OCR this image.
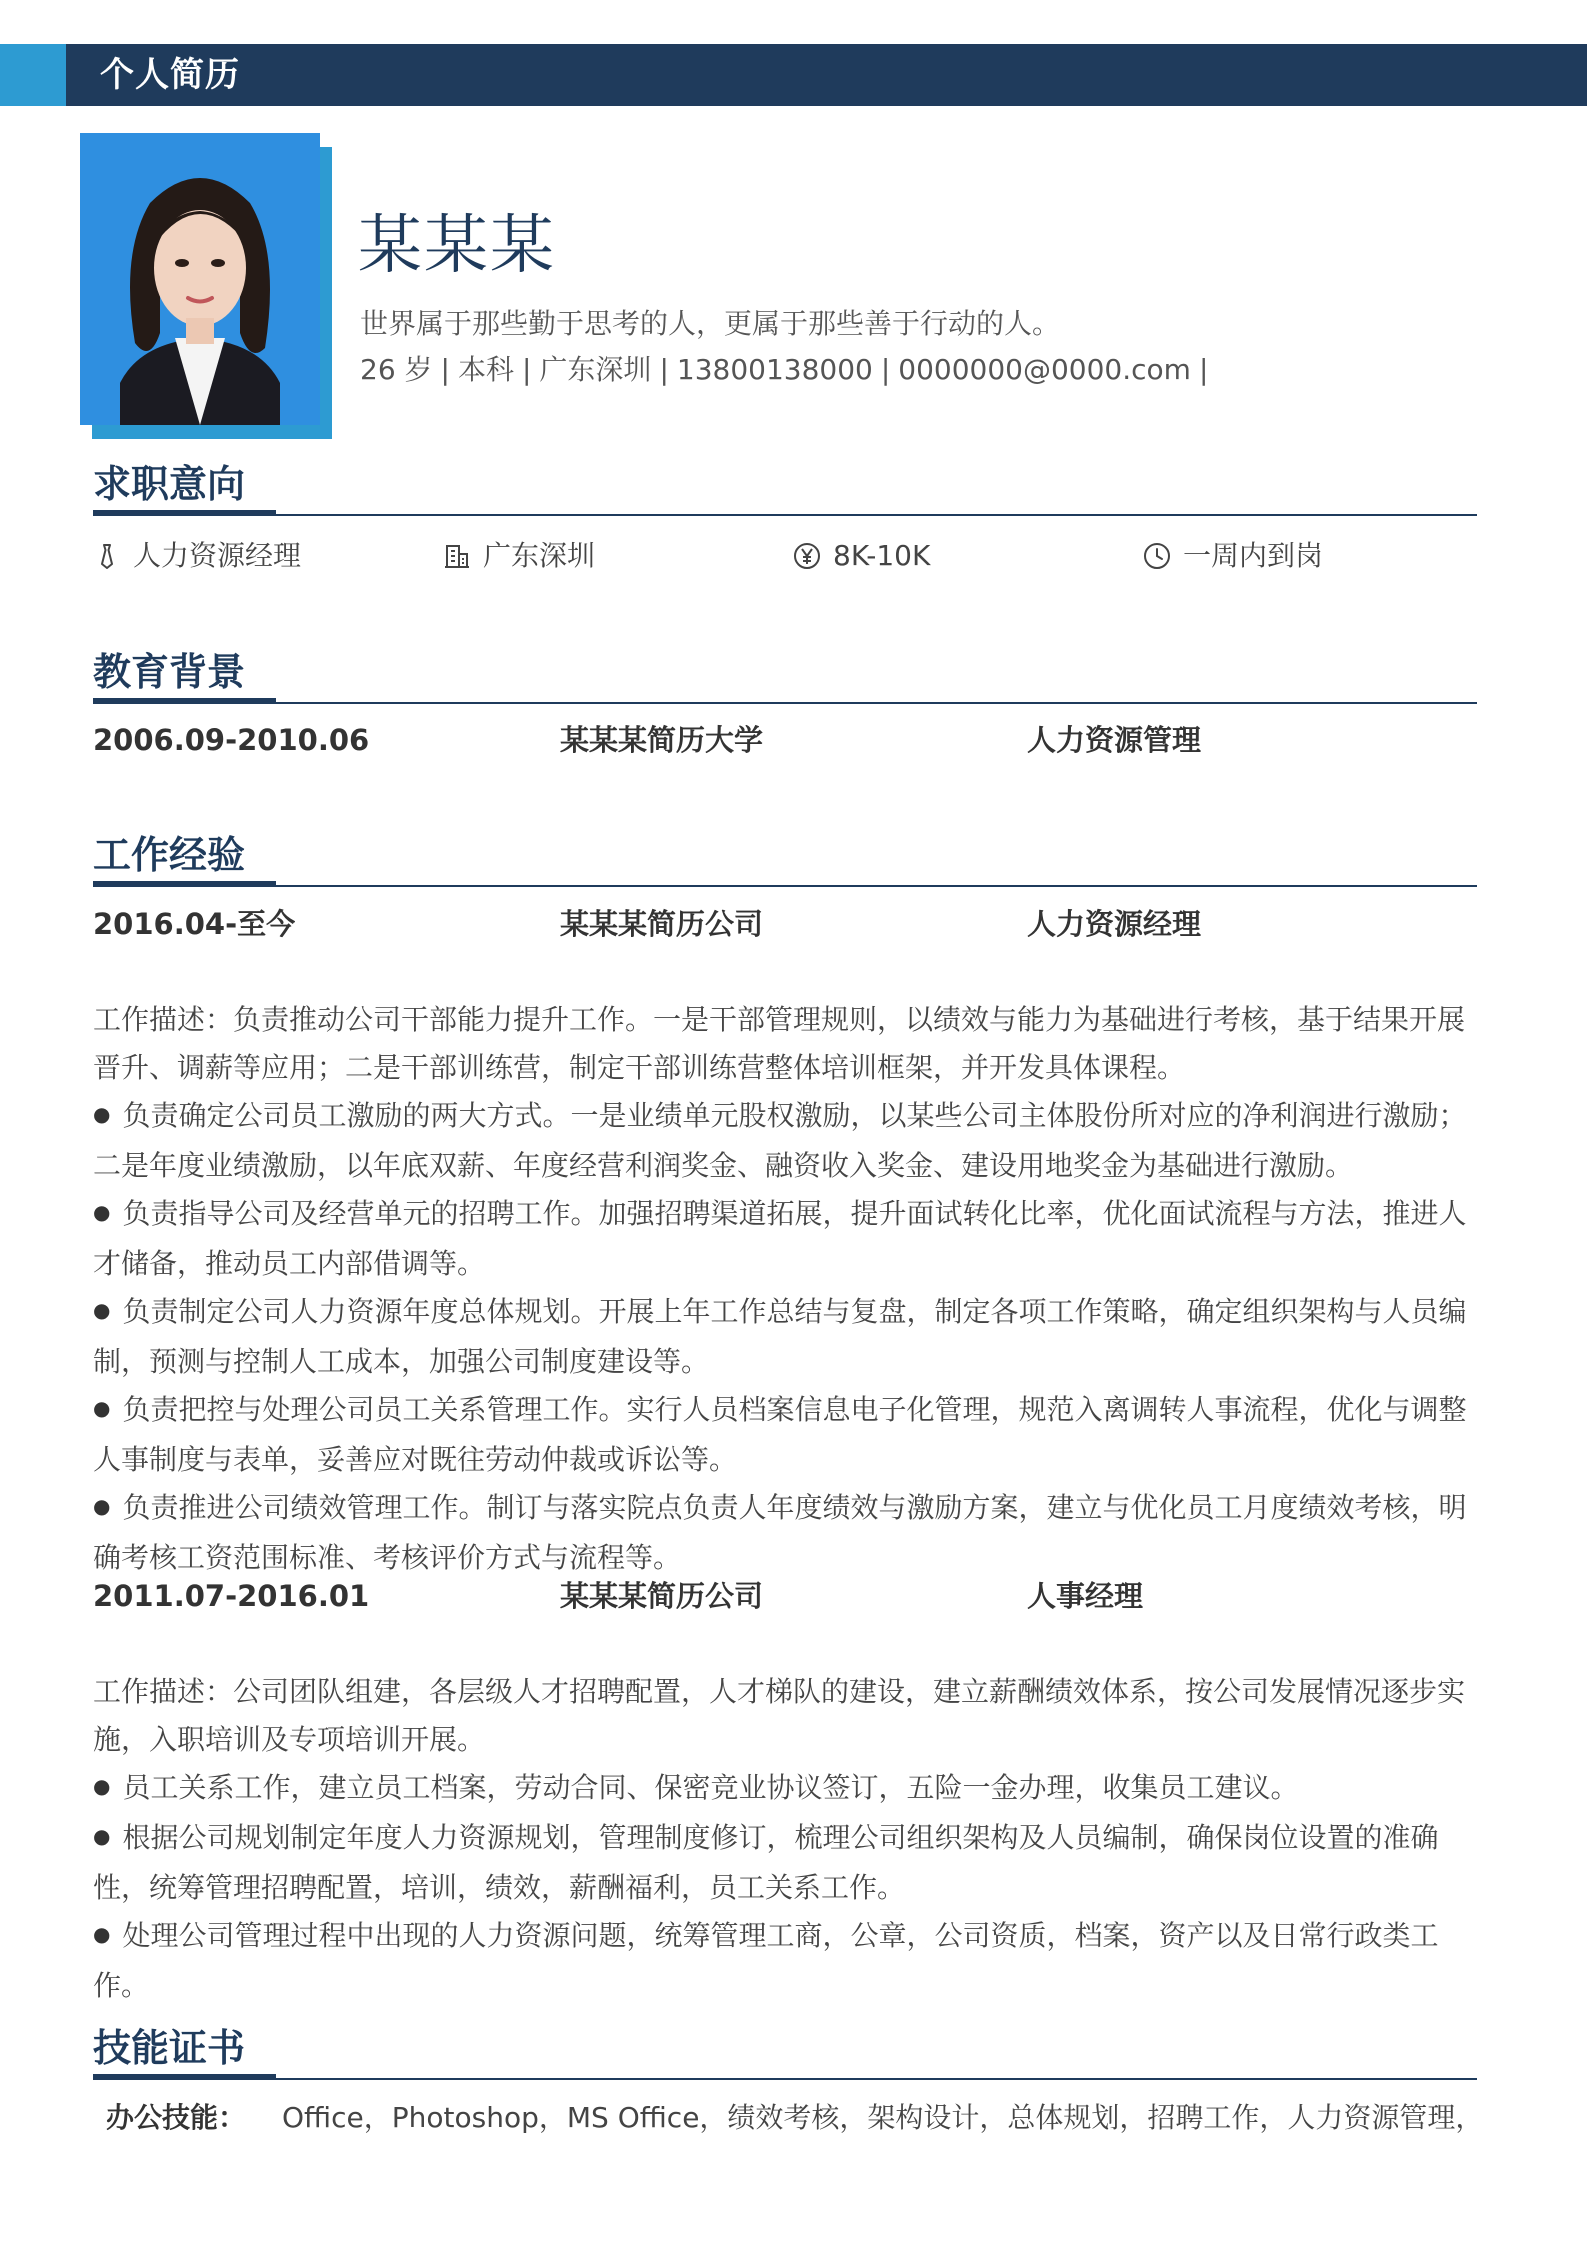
个人简历
某某某
世界属于那些勤于思考的人，更属于那些善于行动的人。
26 岁 | 本科 | 广东深圳 | 13800138000 | 0000000@0000.com |
求职意向
人力资源经理	广东深圳	8K-10K	一周内到岗
教育背景
2006.09-2010.06	某某某简历大学	人力资源管理
工作经验
2016.04-至今	某某某简历公司	人力资源经理

工作描述：负责推动公司干部能力提升工作。一是干部管理规则，以绩效与能力为基础进行考核，基于结果开展晋升、调薪等应用；二是干部训练营，制定干部训练营整体培训框架，并开发具体课程。

● 负责确定公司员工激励的两大方式。一是业绩单元股权激励，以某些公司主体股份所对应的净利润进行激励；二是年度业绩激励，以年底双薪、年度经营利润奖金、融资收入奖金、建设用地奖金为基础进行激励。

● 负责指导公司及经营单元的招聘工作。加强招聘渠道拓展，提升面试转化比率，优化面试流程与方法，推进人才储备，推动员工内部借调等。

● 负责制定公司人力资源年度总体规划。开展上年工作总结与复盘，制定各项工作策略，确定组织架构与人员编制，预测与控制人工成本，加强公司制度建设等。

● 负责把控与处理公司员工关系管理工作。实行人员档案信息电子化管理，规范入离调转人事流程，优化与调整人事制度与表单，妥善应对既往劳动仲裁或诉讼等。

● 负责推进公司绩效管理工作。制订与落实院点负责人年度绩效与激励方案，建立与优化员工月度绩效考核，明确考核工资范围标准、考核评价方式与流程等。

2011.07-2016.01	某某某简历公司	人事经理

工作描述：公司团队组建，各层级人才招聘配置，人才梯队的建设，建立薪酬绩效体系，按公司发展情况逐步实施，入职培训及专项培训开展。

● 员工关系工作，建立员工档案，劳动合同、保密竞业协议签订，五险一金办理，收集员工建议。

● 根据公司规划制定年度人力资源规划，管理制度修订，梳理公司组织架构及人员编制，确保岗位设置的准确性，统筹管理招聘配置，培训，绩效，薪酬福利，员工关系工作。

● 处理公司管理过程中出现的人力资源问题，统筹管理工商，公章，公司资质，档案，资产以及日常行政类工作。

技能证书
办公技能： Office，Photoshop，MS Office，绩效考核，架构设计，总体规划，招聘工作，人力资源管理，
